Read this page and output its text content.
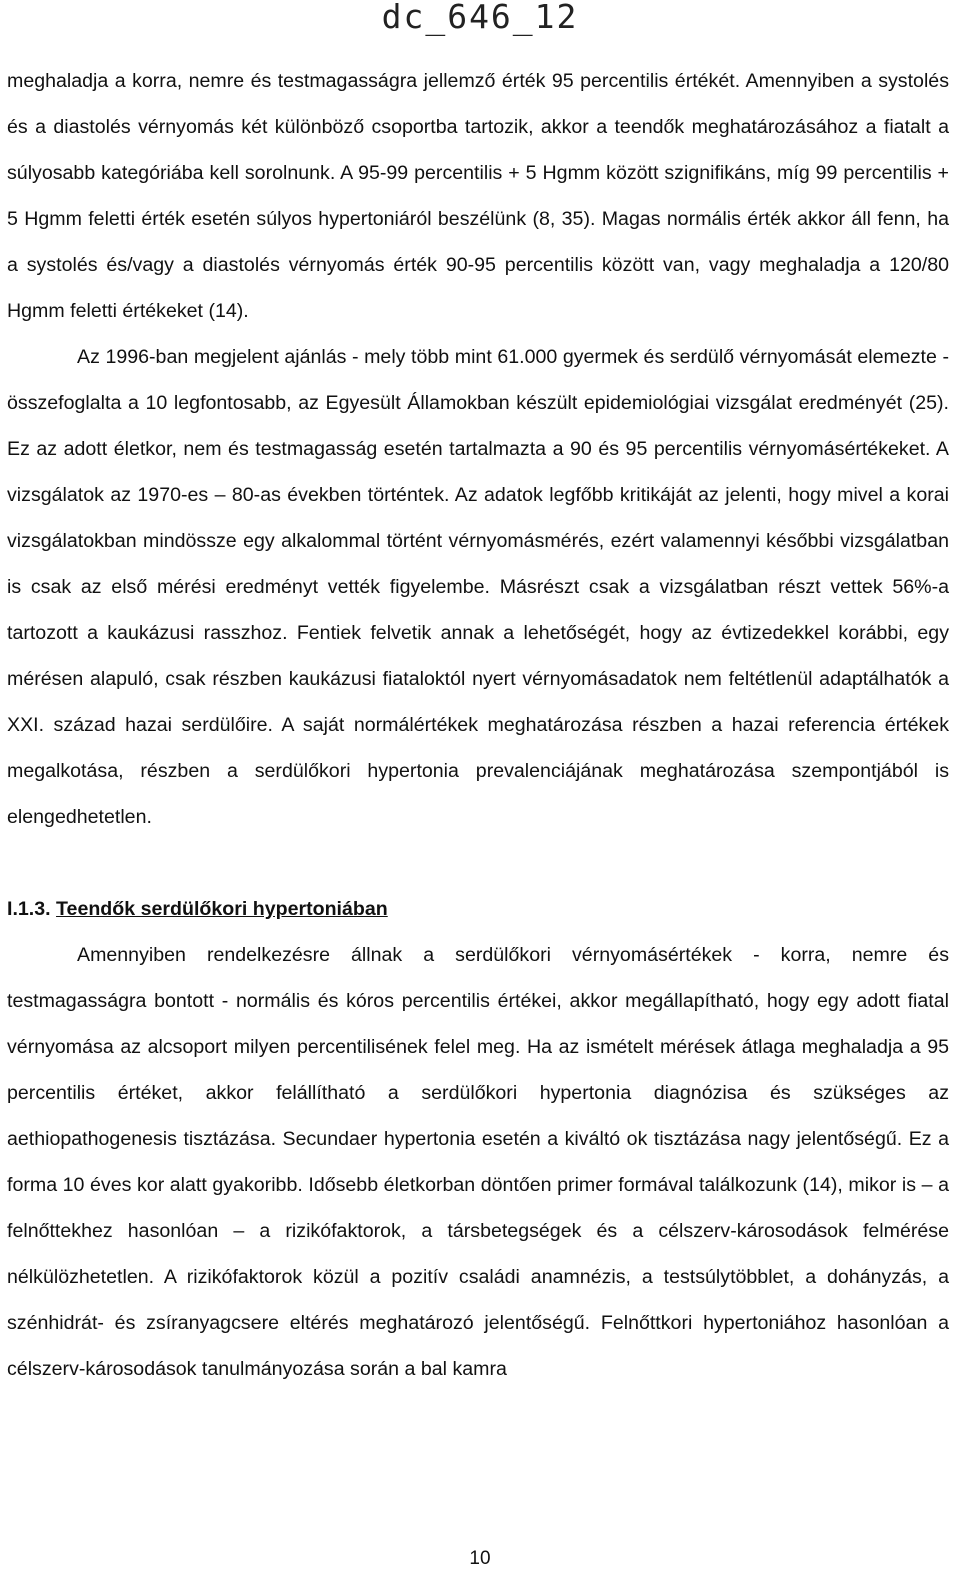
dc_646_12

meghaladja a korra, nemre és testmagasságra jellemző érték 95 percentilis értékét. Amennyiben a systolés és a diastolés vérnyomás két különböző csoportba tartozik, akkor a teendők meghatározásához a fiatalt a súlyosabb kategóriába kell sorolnunk. A 95-99 percentilis + 5 Hgmm között szignifikáns, míg 99 percentilis + 5 Hgmm feletti érték esetén súlyos hypertoniáról beszélünk (8, 35). Magas normális érték akkor áll fenn, ha a systolés és/vagy a diastolés vérnyomás érték 90-95 percentilis között van, vagy meghaladja a 120/80 Hgmm feletti értékeket (14).

Az 1996-ban megjelent ajánlás - mely több mint 61.000 gyermek és serdülő vérnyomását elemezte - összefoglalta a 10 legfontosabb, az Egyesült Államokban készült epidemiológiai vizsgálat eredményét (25). Ez az adott életkor, nem és testmagasság esetén tartalmazta a 90 és 95 percentilis vérnyomásértékeket. A vizsgálatok az 1970-es – 80-as években történtek. Az adatok legfőbb kritikáját az jelenti, hogy mivel a korai vizsgálatokban mindössze egy alkalommal történt vérnyomásmérés, ezért valamennyi későbbi vizsgálatban is csak az első mérési eredményt vették figyelembe. Másrészt csak a vizsgálatban részt vettek 56%-a tartozott a kaukázusi rasszhoz. Fentiek felvetik annak a lehetőségét, hogy az évtizedekkel korábbi, egy mérésen alapuló, csak részben kaukázusi fiataloktól nyert vérnyomásadatok nem feltétlenül adaptálhatók a XXI. század hazai serdülőire. A saját normálértékek meghatározása részben a hazai referencia értékek megalkotása, részben a serdülőkori hypertonia prevalenciájának meghatározása szempontjából is elengedhetetlen.

I.1.3. Teendők serdülőkori hypertoniában

Amennyiben rendelkezésre állnak a serdülőkori vérnyomásértékek - korra, nemre és testmagasságra bontott - normális és kóros percentilis értékei, akkor megállapítható, hogy egy adott fiatal vérnyomása az alcsoport milyen percentilisének felel meg. Ha az ismételt mérések átlaga meghaladja a 95 percentilis értéket, akkor felállítható a serdülőkori hypertonia diagnózisa és szükséges az aethiopathogenesis tisztázása. Secundaer hypertonia esetén a kiváltó ok tisztázása nagy jelentőségű. Ez a forma 10 éves kor alatt gyakoribb. Idősebb életkorban döntően primer formával találkozunk (14), mikor is – a felnőttekhez hasonlóan – a rizikófaktorok, a társbetegségek és a célszerv-károsodások felmérése nélkülözhetetlen. A rizikófaktorok közül a pozitív családi anamnézis, a testsúlytöbblet, a dohányzás, a szénhidrát- és zsíranyagcsere eltérés meghatározó jelentőségű. Felnőttkori hypertoniához hasonlóan a célszerv-károsodások tanulmányozása során a bal kamra

10
